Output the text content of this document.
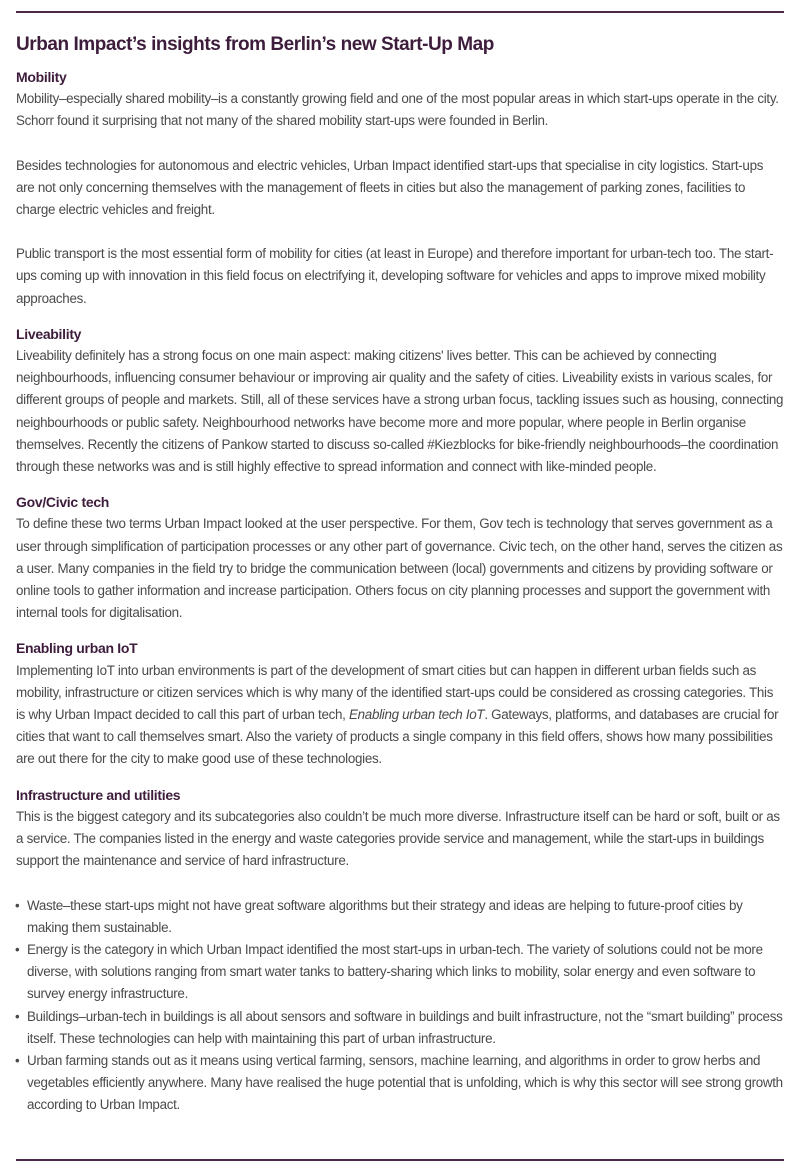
Urban Impact’s insights from Berlin’s new Start-Up Map
Mobility

Mobility–especially shared mobility–is a constantly growing field and one of the most popular areas in which start-ups operate in the city. Schorr found it surprising that not many of the shared mobility start-ups were founded in Berlin.

Besides technologies for autonomous and electric vehicles, Urban Impact identified start-ups that specialise in city logistics. Start-ups are not only concerning themselves with the management of fleets in cities but also the management of parking zones, facilities to charge electric vehicles and freight.

Public transport is the most essential form of mobility for cities (at least in Europe) and therefore important for urban-tech too. The start-ups coming up with innovation in this field focus on electrifying it, developing software for vehicles and apps to improve mixed mobility approaches.

Liveability

Liveability definitely has a strong focus on one main aspect: making citizens' lives better. This can be achieved by connecting neighbourhoods, influencing consumer behaviour or improving air quality and the safety of cities. Liveability exists in various scales, for different groups of people and markets. Still, all of these services have a strong urban focus, tackling issues such as housing, connecting neighbourhoods or public safety. Neighbourhood networks have become more and more popular, where people in Berlin organise themselves. Recently the citizens of Pankow started to discuss so-called #Kiezblocks for bike-friendly neighbourhoods–the coordination through these networks was and is still highly effective to spread information and connect with like-minded people.

Gov/Civic tech

To define these two terms Urban Impact looked at the user perspective. For them, Gov tech is technology that serves government as a user through simplification of participation processes or any other part of governance. Civic tech, on the other hand, serves the citizen as a user. Many companies in the field try to bridge the communication between (local) governments and citizens by providing software or online tools to gather information and increase participation. Others focus on city planning processes and support the government with internal tools for digitalisation.

Enabling urban IoT

Implementing IoT into urban environments is part of the development of smart cities but can happen in different urban fields such as mobility, infrastructure or citizen services which is why many of the identified start-ups could be considered as crossing categories. This is why Urban Impact decided to call this part of urban tech, Enabling urban tech IoT. Gateways, platforms, and databases are crucial for cities that want to call themselves smart. Also the variety of products a single company in this field offers, shows how many possibilities are out there for the city to make good use of these technologies.

Infrastructure and utilities

This is the biggest category and its subcategories also couldn’t be much more diverse. Infrastructure itself can be hard or soft, built or as a service. The companies listed in the energy and waste categories provide service and management, while the start-ups in buildings support the maintenance and service of hard infrastructure.

• Waste–these start-ups might not have great software algorithms but their strategy and ideas are helping to future-proof cities by making them sustainable.
• Energy is the category in which Urban Impact identified the most start-ups in urban-tech. The variety of solutions could not be more diverse, with solutions ranging from smart water tanks to battery-sharing which links to mobility, solar energy and even software to survey energy infrastructure.
• Buildings–urban-tech in buildings is all about sensors and software in buildings and built infrastructure, not the “smart building” process itself. These technologies can help with maintaining this part of urban infrastructure.
• Urban farming stands out as it means using vertical farming, sensors, machine learning, and algorithms in order to grow herbs and vegetables efficiently anywhere. Many have realised the huge potential that is unfolding, which is why this sector will see strong growth according to Urban Impact.
